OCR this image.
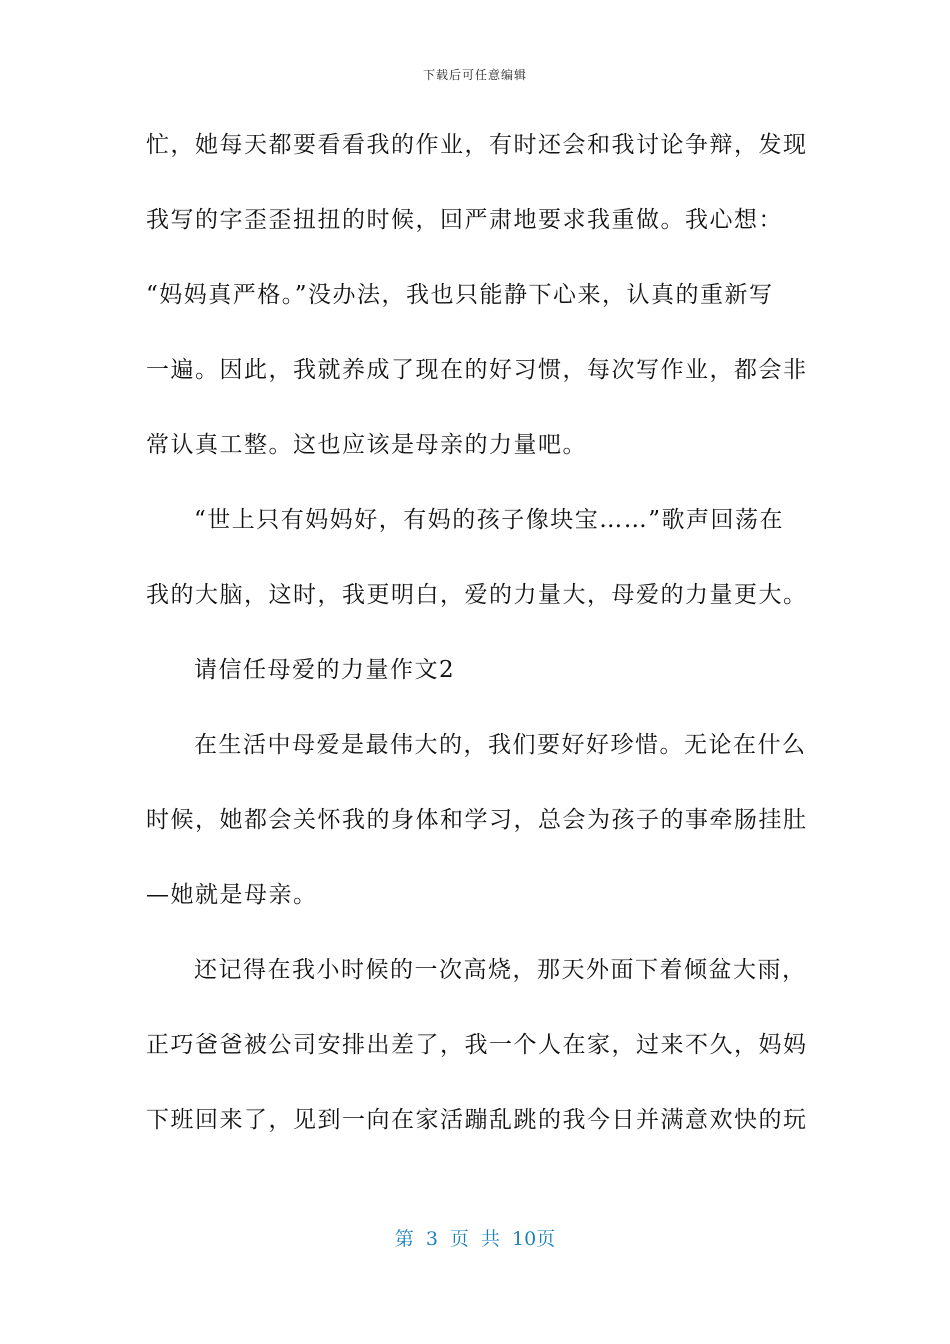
下载后可任意编辑
忙，她每天都要看看我的作业，有时还会和我讨论争辩，发现
我写的字歪歪扭扭的时候，回严肃地要求我重做。我心想：
“妈妈真严格。”没办法，我也只能静下心来，认真的重新写
一遍。因此，我就养成了现在的好习惯，每次写作业，都会非
常认真工整。这也应该是母亲的力量吧。
“世上只有妈妈好，有妈的孩子像块宝……”歌声回荡在
我的大脑，这时，我更明白，爱的力量大，母爱的力量更大。
请信任母爱的力量作文2
在生活中母爱是最伟大的，我们要好好珍惜。无论在什么
时候，她都会关怀我的身体和学习，总会为孩子的事牵肠挂肚
—她就是母亲。
还记得在我小时候的一次高烧，那天外面下着倾盆大雨，
正巧爸爸被公司安排出差了，我一个人在家，过来不久，妈妈
下班回来了，见到一向在家活蹦乱跳的我今日并满意欢快的玩
第 3 页 共 10页
